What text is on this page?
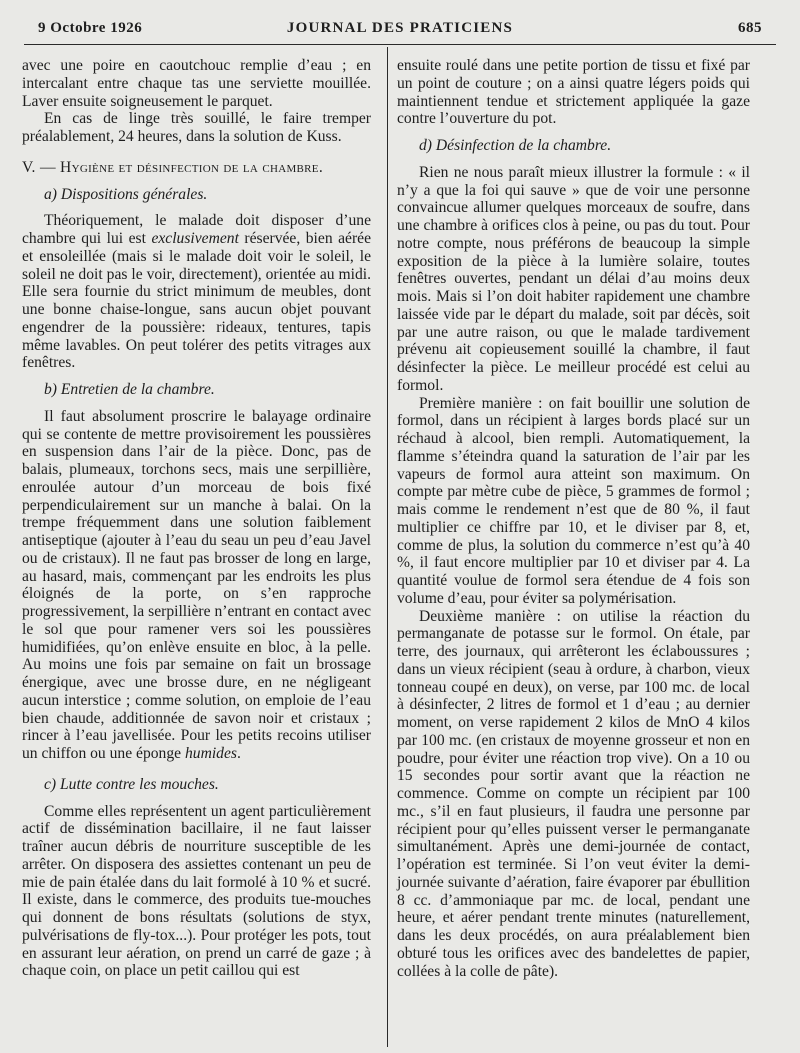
9 Octobre 1926	JOURNAL DES PRATICIENS	685

avec une poire en caoutchouc remplie d’eau ; en intercalant entre chaque tas une serviette mouillée. Laver ensuite soigneusement le parquet.

En cas de linge très souillé, le faire tremper préalablement, 24 heures, dans la solution de Kuss.

V. — Hygiène et désinfection de la chambre.
a) Dispositions générales.

Théoriquement, le malade doit disposer d’une chambre qui lui est exclusivement réservée, bien aérée et ensoleillée (mais si le malade doit voir le soleil, le soleil ne doit pas le voir, directement), orientée au midi. Elle sera fournie du strict minimum de meubles, dont une bonne chaise-longue, sans aucun objet pouvant engendrer de la poussière: rideaux, tentures, tapis même lavables. On peut tolérer des petits vitrages aux fenêtres.

b) Entretien de la chambre.

Il faut absolument proscrire le balayage ordinaire qui se contente de mettre provisoirement les poussières en suspension dans l’air de la pièce. Donc, pas de balais, plumeaux, torchons secs, mais une serpillière, enroulée autour d’un morceau de bois fixé perpendiculairement sur un manche à balai. On la trempe fréquemment dans une solution faiblement antiseptique (ajouter à l’eau du seau un peu d’eau Javel ou de cristaux). Il ne faut pas brosser de long en large, au hasard, mais, commençant par les endroits les plus éloignés de la porte, on s’en rapproche progressivement, la serpillière n’entrant en contact avec le sol que pour ramener vers soi les poussières humidifiées, qu’on enlève ensuite en bloc, à la pelle. Au moins une fois par semaine on fait un brossage énergique, avec une brosse dure, en ne négligeant aucun interstice ; comme solution, on emploie de l’eau bien chaude, additionnée de savon noir et cristaux ; rincer à l’eau javellisée. Pour les petits recoins utiliser un chiffon ou une éponge humides.

c) Lutte contre les mouches.

Comme elles représentent un agent particulièrement actif de dissémination bacillaire, il ne faut laisser traîner aucun débris de nourriture susceptible de les arrêter. On disposera des assiettes contenant un peu de mie de pain étalée dans du lait formolé à 10 % et sucré. Il existe, dans le commerce, des produits tue-mouches qui donnent de bons résultats (solutions de styx, pulvérisations de fly-tox...). Pour protéger les pots, tout en assurant leur aération, on prend un carré de gaze ; à chaque coin, on place un petit caillou qui est

ensuite roulé dans une petite portion de tissu et fixé par un point de couture ; on a ainsi quatre légers poids qui maintiennent tendue et strictement appliquée la gaze contre l’ouverture du pot.

d) Désinfection de la chambre.

Rien ne nous paraît mieux illustrer la formule : « il n’y a que la foi qui sauve » que de voir une personne convaincue allumer quelques morceaux de soufre, dans une chambre à orifices clos à peine, ou pas du tout. Pour notre compte, nous préférons de beaucoup la simple exposition de la pièce à la lumière solaire, toutes fenêtres ouvertes, pendant un délai d’au moins deux mois. Mais si l’on doit habiter rapidement une chambre laissée vide par le départ du malade, soit par décès, soit par une autre raison, ou que le malade tardivement prévenu ait copieusement souillé la chambre, il faut désinfecter la pièce. Le meilleur procédé est celui au formol.

Première manière : on fait bouillir une solution de formol, dans un récipient à larges bords placé sur un réchaud à alcool, bien rempli. Automatiquement, la flamme s’éteindra quand la saturation de l’air par les vapeurs de formol aura atteint son maximum. On compte par mètre cube de pièce, 5 grammes de formol ; mais comme le rendement n’est que de 80 %, il faut multiplier ce chiffre par 10, et le diviser par 8, et, comme de plus, la solution du commerce n’est qu’à 40 %, il faut encore multiplier par 10 et diviser par 4. La quantité voulue de formol sera étendue de 4 fois son volume d’eau, pour éviter sa polymérisation.

Deuxième manière : on utilise la réaction du permanganate de potasse sur le formol. On étale, par terre, des journaux, qui arrêteront les éclaboussures ; dans un vieux récipient (seau à ordure, à charbon, vieux tonneau coupé en deux), on verse, par 100 mc. de local à désinfecter, 2 litres de formol et 1 d’eau ; au dernier moment, on verse rapidement 2 kilos de MnO 4 kilos par 100 mc. (en cristaux de moyenne grosseur et non en poudre, pour éviter une réaction trop vive). On a 10 ou 15 secondes pour sortir avant que la réaction ne commence. Comme on compte un récipient par 100 mc., s’il en faut plusieurs, il faudra une personne par récipient pour qu’elles puissent verser le permanganate simultanément. Après une demi-journée de contact, l’opération est terminée. Si l’on veut éviter la demi-journée suivante d’aération, faire évaporer par ébullition 8 cc. d’ammoniaque par mc. de local, pendant une heure, et aérer pendant trente minutes (naturellement, dans les deux procédés, on aura préalablement bien obturé tous les orifices avec des bandelettes de papier, collées à la colle de pâte).
